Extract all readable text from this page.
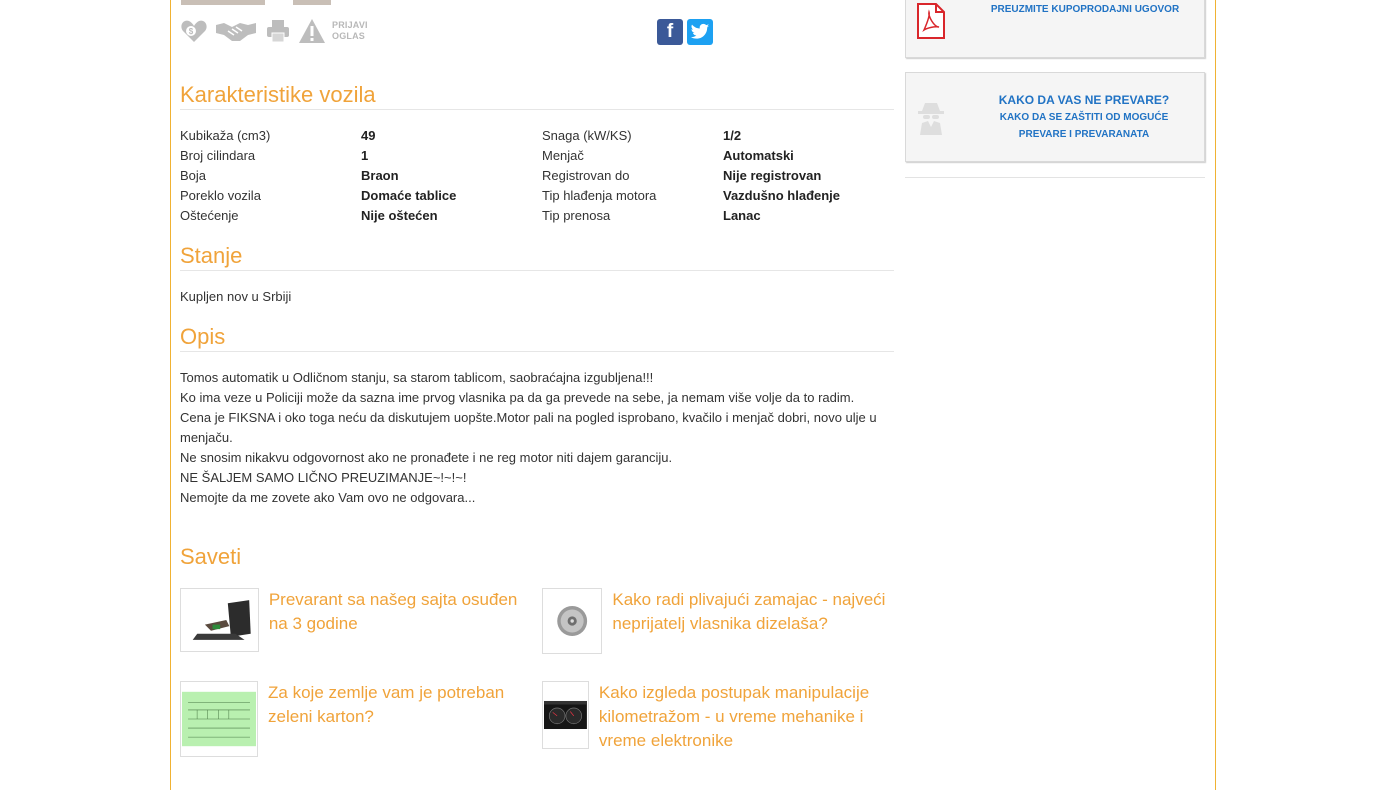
$
PRIJAVI
OGLAS	f
Karakteristike vozila
Kubikaža (cm3)	49	Snaga (kW/KS)	1/2
Broj cilindara	1	Menjač	Automatski
Boja	Braon	Registrovan do	Nije registrovan
Poreklo vozila	Domaće tablice	Tip hlađenja motora	Vazdušno hlađenje
Oštećenje	Nije oštećen	Tip prenosa	Lanac
Stanje
Kupljen nov u Srbiji
Opis

Tomos automatik u Odličnom stanju, sa starom tablicom, saobraćajna izgubljena!!!

Ko ima veze u Policiji može da sazna ime prvog vlasnika pa da ga prevede na sebe, ja nemam više volje da to radim.

Cena je FIKSNA i oko toga neću da diskutujem uopšte.Motor pali na pogled isprobano, kvačilo i menjač dobri, novo ulje u menjaču.

Ne snosim nikakvu odgovornost ako ne pronađete i ne reg motor niti dajem garanciju.

NE ŠALJEM SAMO LIČNO PREUZIMANJE~!~!~!

Nemojte da me zovete ako Vam ovo ne odgovara...

Saveti
Prevarant sa našeg sajta osuđen na 3 godine
Kako radi plivajući zamajac - najveći neprijatelj vlasnika dizelaša?
Za koje zemlje vam je potreban zeleni karton?
Kako izgleda postupak manipulacije kilometražom - u vreme mehanike i vreme elektronike
PREUZMITE KUPOPRODAJNI UGOVOR
KAKO DA VAS NE PREVARE?
KAKO DA SE ZAŠTITI OD MOGUĆE PREVARE I PREVARANATA
